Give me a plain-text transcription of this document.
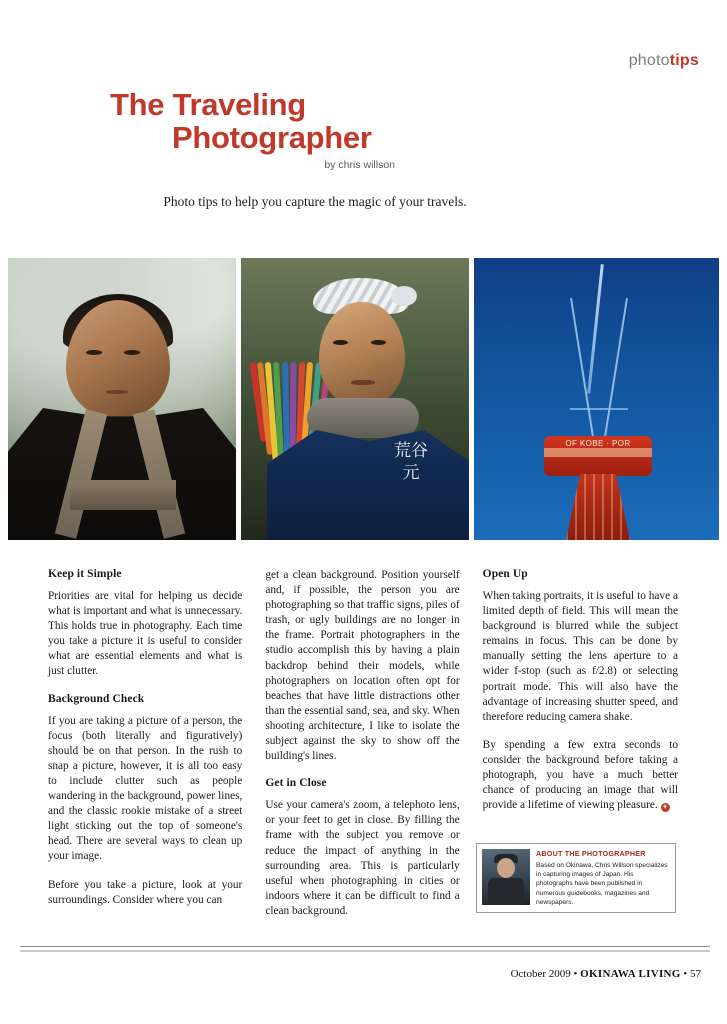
phototips
The Traveling
Photographer
by chris willson
Photo tips to help you capture the magic of your travels.
荒谷元
OF KOBE · POR
Keep it Simple

Priorities are vital for helping us decide what is important and what is unnecessary. This holds true in photography. Each time you take a picture it is useful to consider what are essential elements and what is just clutter.

Background Check

If you are taking a picture of a person, the focus (both literally and figuratively) should be on that person. In the rush to snap a picture, however, it is all too easy to include clutter such as people wandering in the background, power lines, and the classic rookie mistake of a street light sticking out the top of someone's head. There are several ways to clean up your image.

Before you take a picture, look at your surroundings. Consider where you can

get a clean background. Position yourself and, if possible, the person you are photographing so that traffic signs, piles of trash, or ugly buildings are no longer in the frame. Portrait photographers in the studio accomplish this by having a plain backdrop behind their models, while photographers on location often opt for beaches that have little distractions other than the essential sand, sea, and sky. When shooting architecture, I like to isolate the subject against the sky to show off the building's lines.

Get in Close

Use your camera's zoom, a telephoto lens, or your feet to get in close. By filling the frame with the subject you remove or reduce the impact of anything in the surrounding area. This is particularly useful when photographing in cities or indoors where it can be difficult to find a clean background.

Open Up

When taking portraits, it is useful to have a limited depth of field. This will mean the background is blurred while the subject remains in focus. This can be done by manually setting the lens aperture to a wider f-stop (such as f/2.8) or selecting portrait mode. This will also have the advantage of increasing shutter speed, and therefore reducing camera shake.

By spending a few extra seconds to consider the background before taking a photograph, you have a much better chance of producing an image that will provide a lifetime of viewing pleasure. ✦

ABOUT THE PHOTOGRAPHER

Based on Okinawa, Chris Willson specializes in capturing images of Japan. His photographs have been published in numerous guidebooks, magazines and newspapers.

October 2009 • OKINAWA LIVING • 57
